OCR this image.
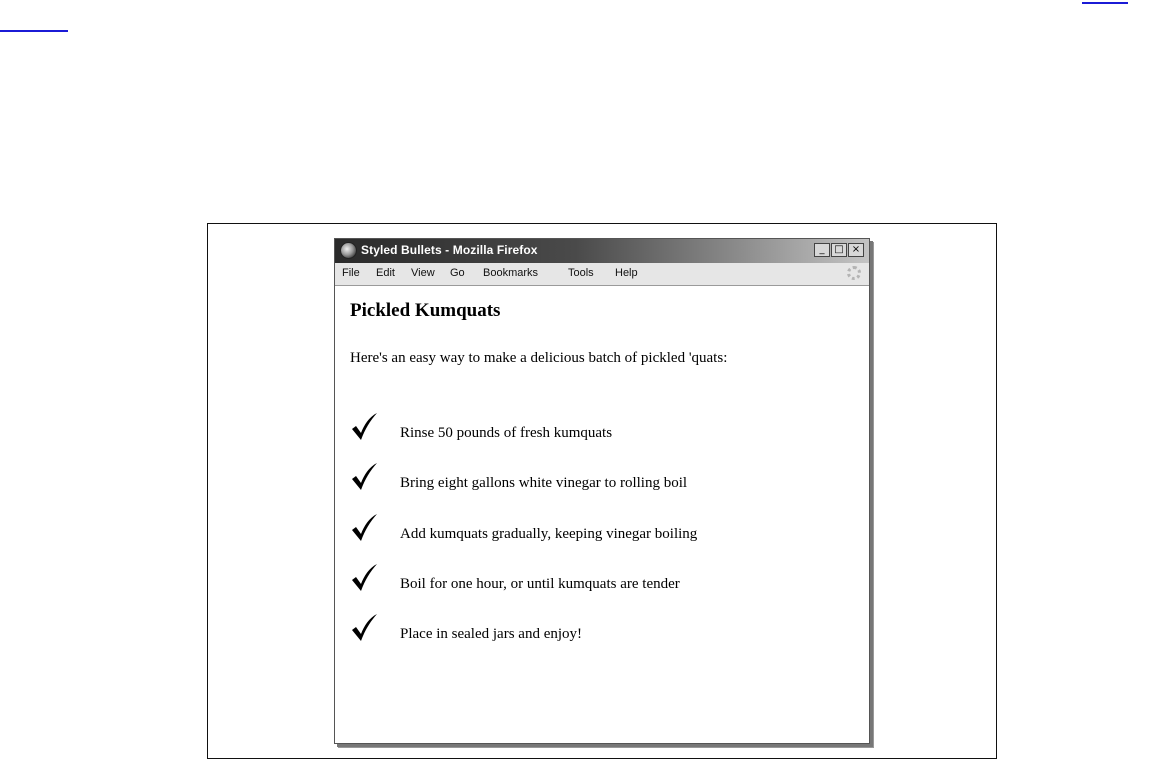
Styled Bullets - Mozilla Firefox	_ □ ×
File Edit View Go Bookmarks	Tools Help
Pickled Kumquats

Here's an easy way to make a delicious batch of pickled 'quats:

Rinse 50 pounds of fresh kumquats
Bring eight gallons white vinegar to rolling boil
Add kumquats gradually, keeping vinegar boiling
Boil for one hour, or until kumquats are tender
Place in sealed jars and enjoy!
